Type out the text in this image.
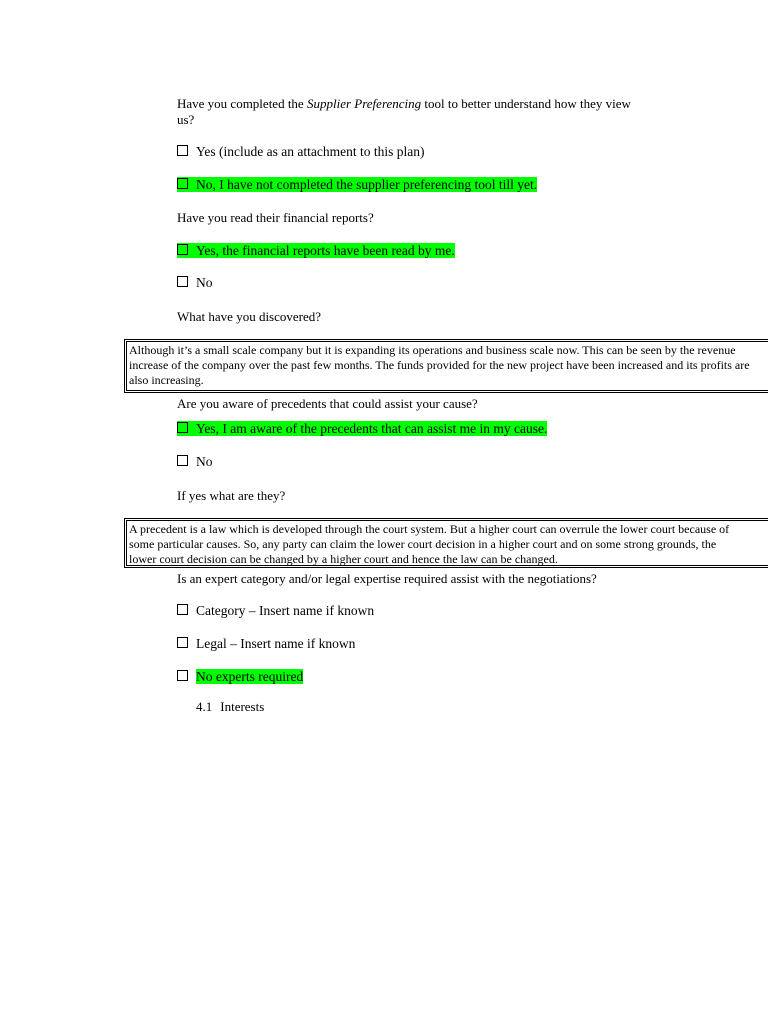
Have you completed the Supplier Preferencing tool to better understand how they view
us?
Yes (include as an attachment to this plan)
No, I have not completed the supplier preferencing tool till yet.
Have you read their financial reports?
Yes, the financial reports have been read by me.
No
What have you discovered?
Although it’s a small scale company but it is expanding its operations and business scale now. This can be seen by the revenue
increase of the company over the past few months. The funds provided for the new project have been increased and its profits are
also increasing.
Are you aware of precedents that could assist your cause?
Yes, I am aware of the precedents that can assist me in my cause.
No
If yes what are they?
A precedent is a law which is developed through the court system. But a higher court can overrule the lower court because of
some particular causes. So, any party can claim the lower court decision in a higher court and on some strong grounds, the
lower court decision can be changed by a higher court and hence the law can be changed.
Is an expert category and/or legal expertise required assist with the negotiations?
Category – Insert name if known
Legal – Insert name if known
No experts required
4.1 Interests
